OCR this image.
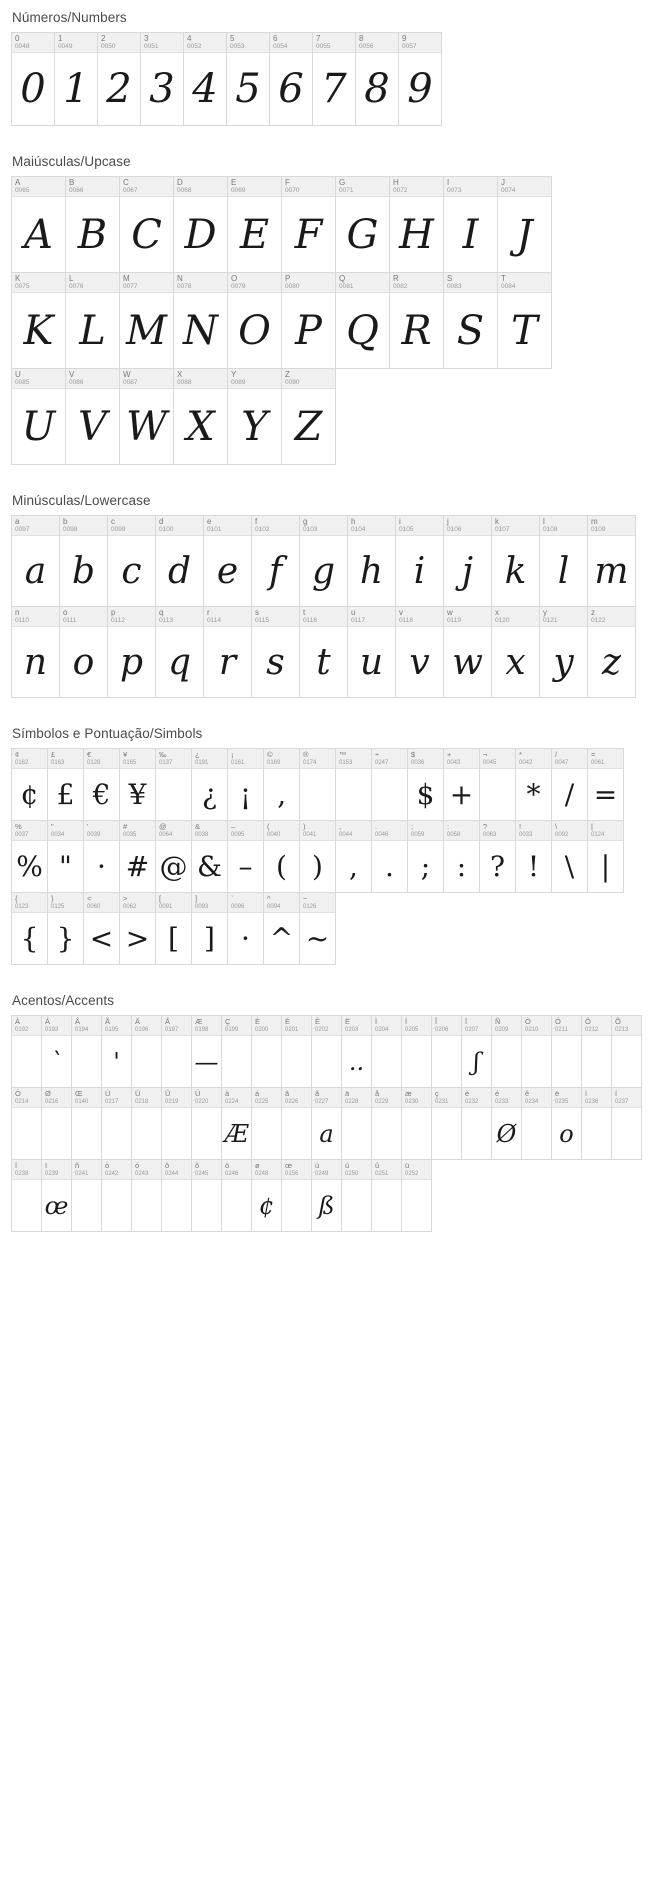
Números/Numbers
0
0048
0
1
0049
1
2
0050
2
3
0051
3
4
0052
4
5
0053
5
6
0054
6
7
0055
7
8
0056
8
9
0057
9
Maiúsculas/Upcase
A
0065
A
B
0066
B
C
0067
C
D
0068
D
E
0069
E
F
0070
F
G
0071
G
H
0072
H
I
0073
I
J
0074
J
K
0075
K
L
0076
L
M
0077
M
N
0078
N
O
0079
O
P
0080
P
Q
0081
Q
R
0082
R
S
0083
S
T
0084
T
U
0085
U
V
0086
V
W
0087
W
X
0088
X
Y
0089
Y
Z
0090
Z
Minúsculas/Lowercase
a
0097
a
b
0098
b
c
0099
c
d
0100
d
e
0101
e
f
0102
f
g
0103
g
h
0104
h
i
0105
i
j
0106
j
k
0107
k
l
0108
l
m
0109
m
n
0110
n
o
0111
o
p
0112
p
q
0113
q
r
0114
r
s
0115
s
t
0116
t
u
0117
u
v
0118
v
w
0119
w
x
0120
x
y
0121
y
z
0122
z
Símbolos e Pontuação/Simbols
¢
0162
¢
£
0163
£
€
0128
€
¥
0165
¥
‰
0137
¿
0191
¿
¡
0161
¡
©
0169
‚
®
0174
™
0153
÷
0247
$
0036
$
+
0043
+
¬
0045
*
0042
*
/
0047
/
=
0061
=
%
0037
%
"
0034
"
'
0039
·
#
0035
#
@
0064
@
&
0038
&
–
0095
–
(
0040
(
)
0041
)
,
0044
,
.
0046
.
;
0059
;
:
0058
:
?
0063
?
!
0033
!
\
0092
\
|
0124
|
{
0123
{
}
0125
}
<
0060
<
>
0062
>
[
0091
[
]
0093
]
`
0096
·
^
0094
^
~
0126
~
Acentos/Accents
À
0192
Á
0193
`
Â
0194
Ã
0195
'
Ä
0196
Å
0197
Æ
0198
—
Ç
0199
È
0200
É
0201
Ê
0202
Ë
0203
..
Ì
0204
Í
0205
Î
0206
Ï
0207
ʃ
Ñ
0209
Ò
0210
Ó
0211
Ô
0212
Õ
0213
Ö
0214
Ø
0216
Œ
0140
Ù
0217
Ú
0218
Û
0219
Ü
0220
à
0224
Æ
á
0225
â
0226
ã
0227
a
ä
0228
å
0229
æ
0230
ç
0231
è
0232
é
0233
Ø
ê
0234
ë
0235
o
ì
0236
í
0237
î
0238
ï
0239
œ
ñ
0241
ò
0242
ó
0243
ô
0244
õ
0245
ö
0246
ø
0248
¢
œ
0156
ù
0249
ß
ú
0250
û
0251
ü
0252
